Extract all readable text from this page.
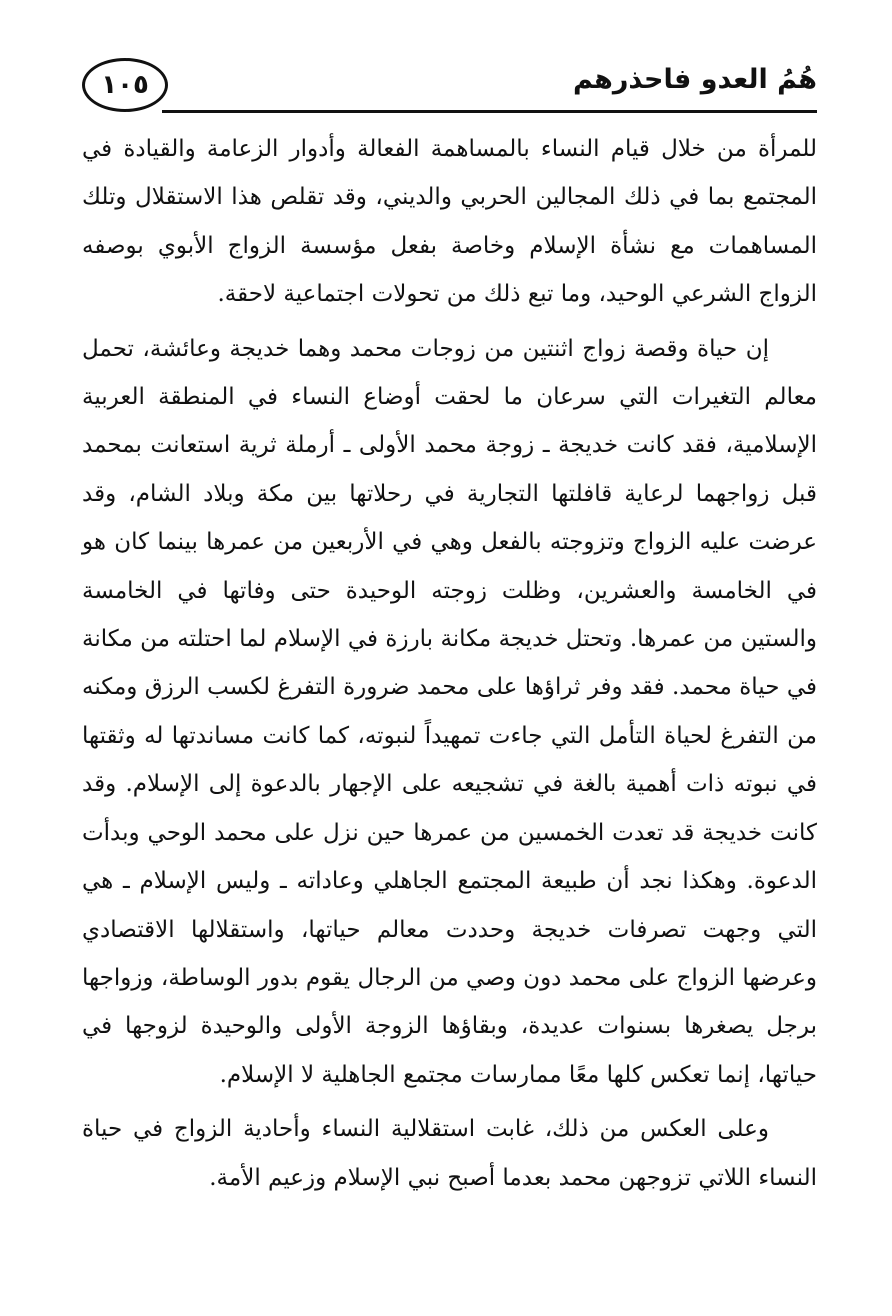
١٠٥	هُمُ العدو فاحذرهم

للمرأة من خلال قيام النساء بالمساهمة الفعالة وأدوار الزعامة والقيادة في المجتمع بما في ذلك المجالين الحربي والديني، وقد تقلص هذا الاستقلال وتلك المساهمات مع نشأة الإسلام وخاصة بفعل مؤسسة الزواج الأبوي بوصفه الزواج الشرعي الوحيد، وما تبع ذلك من تحولات اجتماعية لاحقة.

إن حياة وقصة زواج اثنتين من زوجات محمد وهما خديجة وعائشة، تحمل معالم التغيرات التي سرعان ما لحقت أوضاع النساء في المنطقة العربية الإسلامية، فقد كانت خديجة ـ زوجة محمد الأولى ـ أرملة ثرية استعانت بمحمد قبل زواجهما لرعاية قافلتها التجارية في رحلاتها بين مكة وبلاد الشام، وقد عرضت عليه الزواج وتزوجته بالفعل وهي في الأربعين من عمرها بينما كان هو في الخامسة والعشرين، وظلت زوجته الوحيدة حتى وفاتها في الخامسة والستين من عمرها. وتحتل خديجة مكانة بارزة في الإسلام لما احتلته من مكانة في حياة محمد. فقد وفر ثراؤها على محمد ضرورة التفرغ لكسب الرزق ومكنه من التفرغ لحياة التأمل التي جاءت تمهيداً لنبوته، كما كانت مساندتها له وثقتها في نبوته ذات أهمية بالغة في تشجيعه على الإجهار بالدعوة إلى الإسلام. وقد كانت خديجة قد تعدت الخمسين من عمرها حين نزل على محمد الوحي وبدأت الدعوة. وهكذا نجد أن طبيعة المجتمع الجاهلي وعاداته ـ وليس الإسلام ـ هي التي وجهت تصرفات خديجة وحددت معالم حياتها، واستقلالها الاقتصادي وعرضها الزواج على محمد دون وصي من الرجال يقوم بدور الوساطة، وزواجها برجل يصغرها بسنوات عديدة، وبقاؤها الزوجة الأولى والوحيدة لزوجها في حياتها، إنما تعكس كلها معًا ممارسات مجتمع الجاهلية لا الإسلام.

وعلى العكس من ذلك، غابت استقلالية النساء وأحادية الزواج في حياة النساء اللاتي تزوجهن محمد بعدما أصبح نبي الإسلام وزعيم الأمة.
